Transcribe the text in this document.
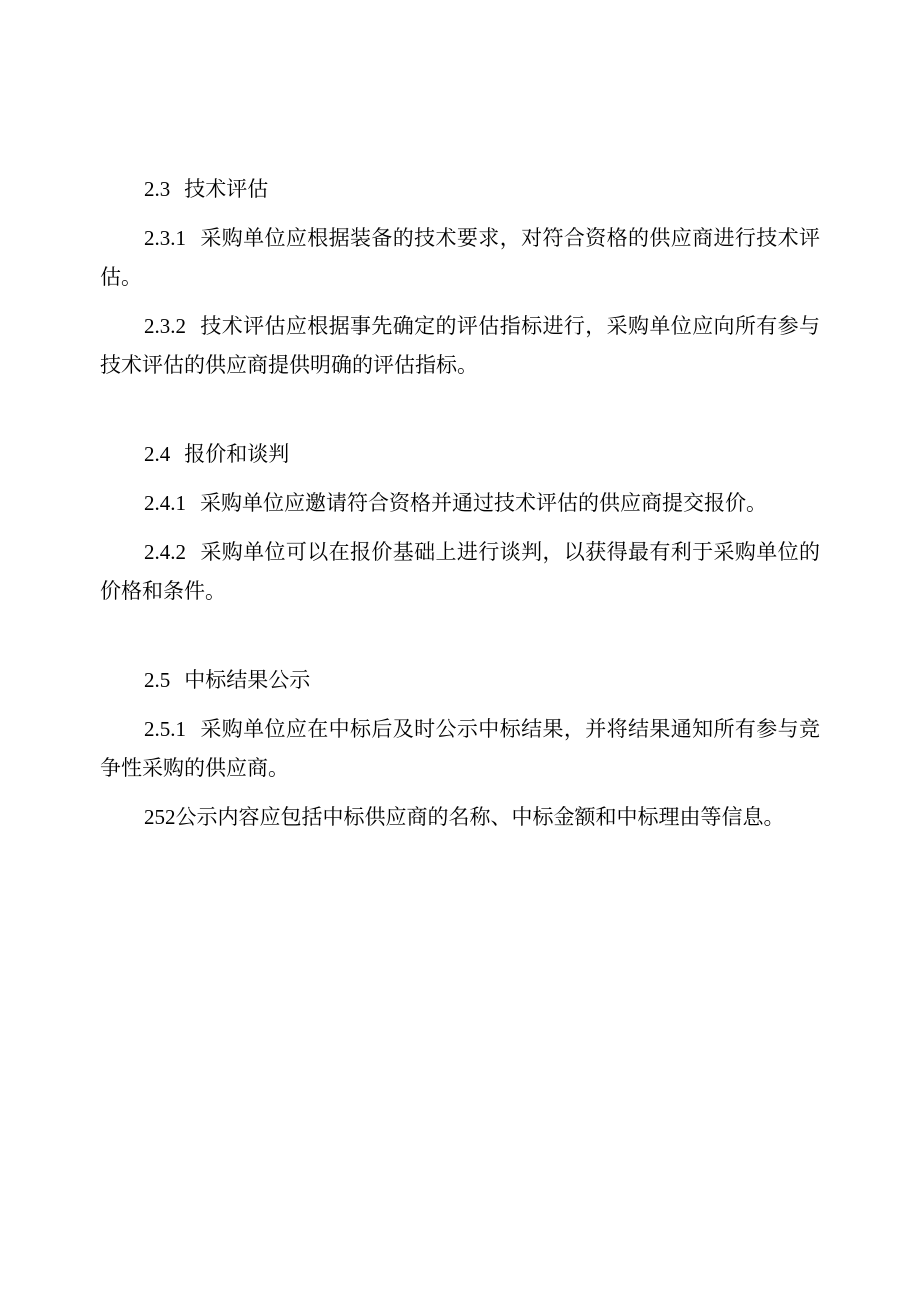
2.3 技术评估

2.3.1 采购单位应根据装备的技术要求，对符合资格的供应商进行技术评估。

2.3.2 技术评估应根据事先确定的评估指标进行，采购单位应向所有参与技术评估的供应商提供明确的评估指标。

2.4 报价和谈判

2.4.1 采购单位应邀请符合资格并通过技术评估的供应商提交报价。

2.4.2 采购单位可以在报价基础上进行谈判，以获得最有利于采购单位的价格和条件。

2.5 中标结果公示

2.5.1 采购单位应在中标后及时公示中标结果，并将结果通知所有参与竞争性采购的供应商。

252公示内容应包括中标供应商的名称、中标金额和中标理由等信息。
